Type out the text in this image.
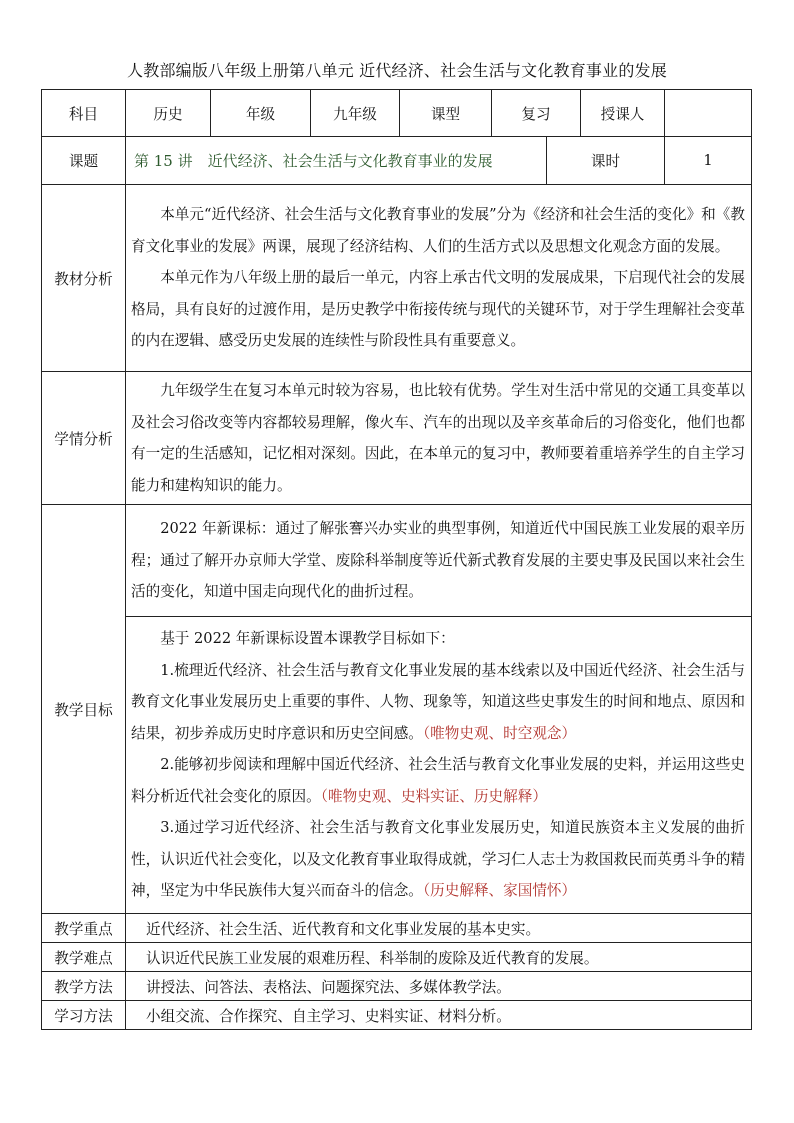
人教部编版八年级上册第八单元 近代经济、社会生活与文化教育事业的发展
科目	历史	年级	九年级	课型	复习		授课人	
课题	第 15 讲　近代经济、社会生活与文化教育事业的发展					课时		1
教材分析	本单元“近代经济、社会生活与文化教育事业的发展”分为《经济和社会生活的变化》和《教育文化事业的发展》两课，展现了经济结构、人们的生活方式以及思想文化观念方面的发展。

本单元作为八年级上册的最后一单元，内容上承古代文明的发展成果，下启现代社会的发展格局，具有良好的过渡作用，是历史教学中衔接传统与现代的关键环节，对于学生理解社会变革的内在逻辑、感受历史发展的连续性与阶段性具有重要意义。							

学情分析	九年级学生在复习本单元时较为容易，也比较有优势。学生对生活中常见的交通工具变革以及社会习俗改变等内容都较易理解，像火车、汽车的出现以及辛亥革命后的习俗变化，他们也都有一定的生活感知，记忆相对深刻。因此，在本单元的复习中，教师要着重培养学生的自主学习能力和建构知识的能力。							

教学目标	2022 年新课标：通过了解张謇兴办实业的典型事例，知道近代中国民族工业发展的艰辛历程；通过了解开办京师大学堂、废除科举制度等近代新式教育发展的主要史事及民国以来社会生活的变化，知道中国走向现代化的曲折过程。							

	基于 2022 年新课标设置本课教学目标如下：

1.梳理近代经济、社会生活与教育文化事业发展的基本线索以及中国近代经济、社会生活与教育文化事业发展历史上重要的事件、人物、现象等，知道这些史事发生的时间和地点、原因和结果，初步养成历史时序意识和历史空间感。（唯物史观、时空观念）

2.能够初步阅读和理解中国近代经济、社会生活与教育文化事业发展的史料，并运用这些史料分析近代社会变化的原因。（唯物史观、史料实证、历史解释）

3.通过学习近代经济、社会生活与教育文化事业发展历史，知道民族资本主义发展的曲折性，认识近代社会变化，以及文化教育事业取得成就，学习仁人志士为救国救民而英勇斗争的精神，坚定为中华民族伟大复兴而奋斗的信念。（历史解释、家国情怀）							

教学重点	近代经济、社会生活、近代教育和文化事业发展的基本史实。							
教学难点	认识近代民族工业发展的艰难历程、科举制的废除及近代教育的发展。							
教学方法	讲授法、问答法、表格法、问题探究法、多媒体教学法。							
学习方法	小组交流、合作探究、自主学习、史料实证、材料分析。							
